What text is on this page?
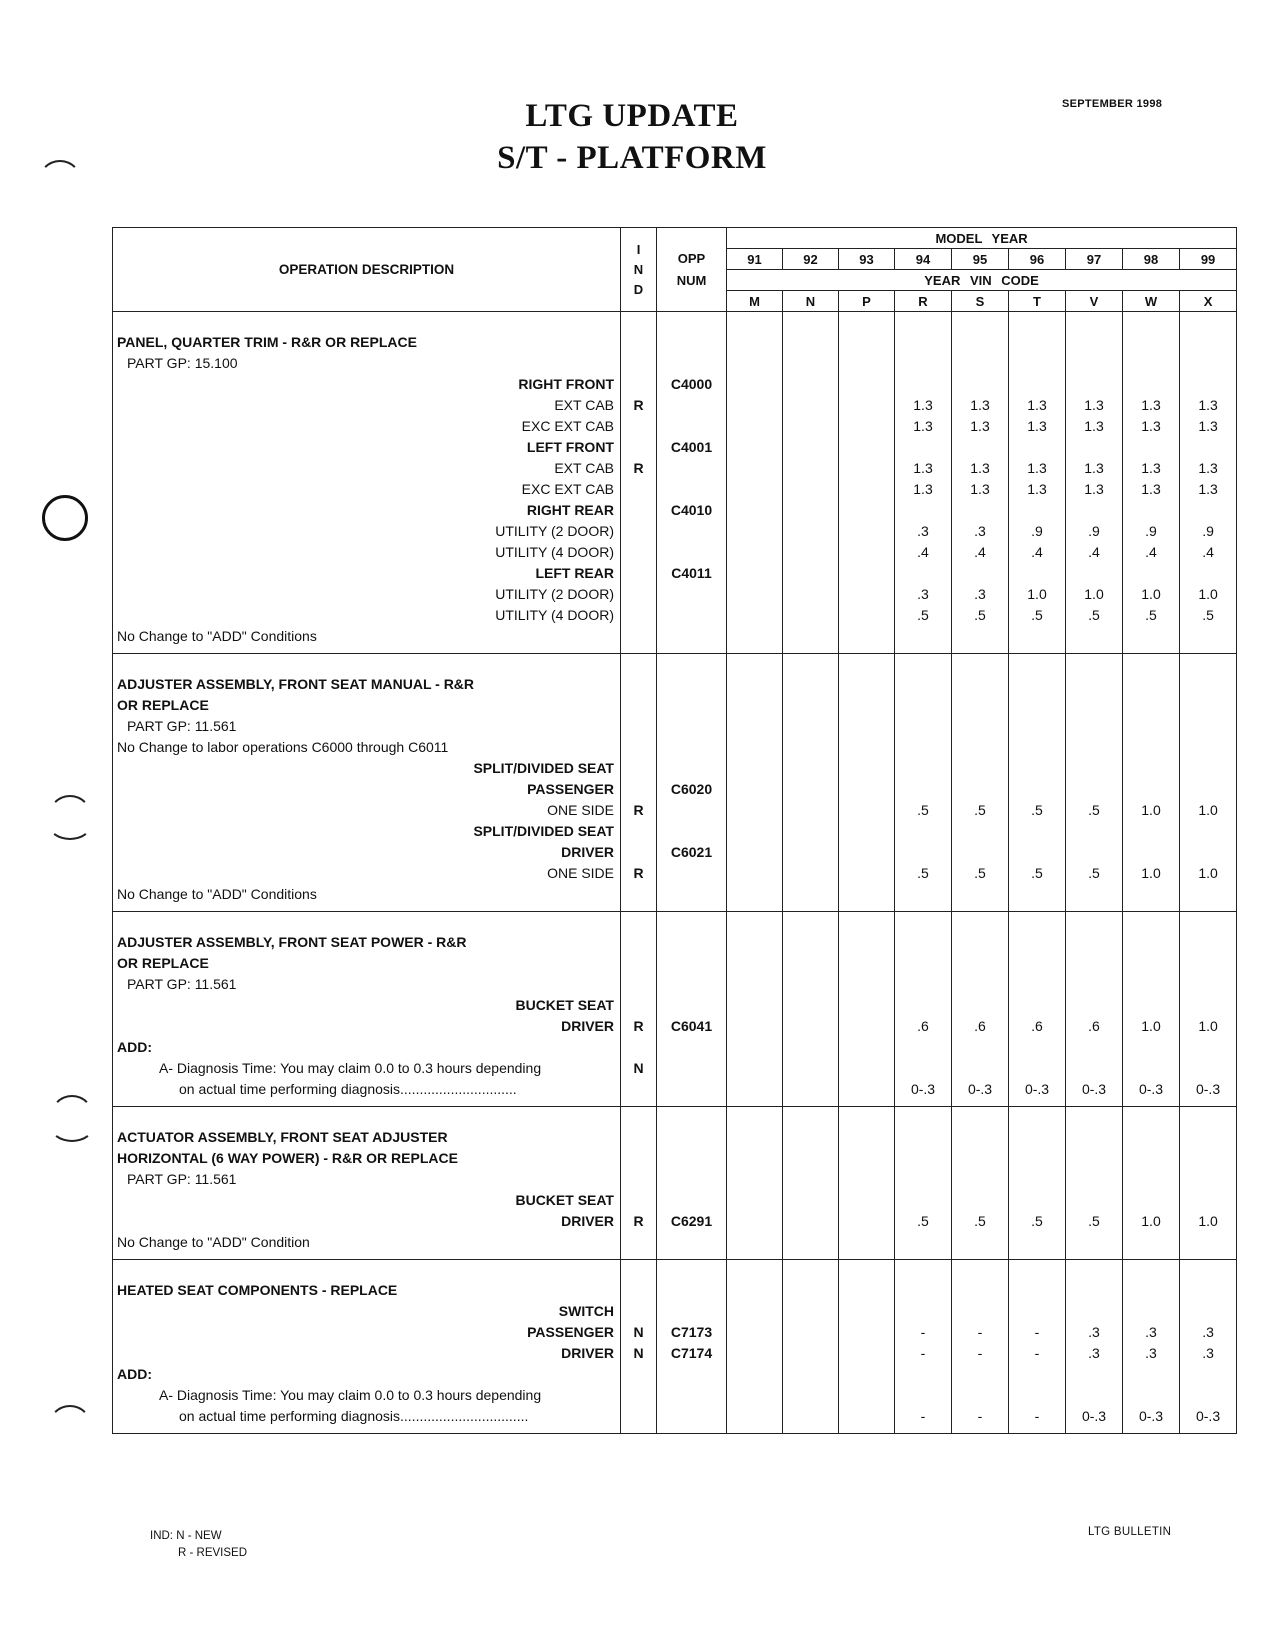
LTG UPDATE
S/T - PLATFORM
SEPTEMBER 1998
OPERATION DESCRIPTION	I
N
D	OPP
NUM	MODEL YEAR								
			91	92	93	94	95	96	97	98	99
			YEAR VIN CODE								
			M	N	P	R	S	T	V	W	X
PANEL, QUARTER TRIM - R&R OR REPLACE											
PART GP: 15.100											
RIGHT FRONT		C4000									
EXT CAB	R					1.3	1.3	1.3	1.3	1.3	1.3
EXC EXT CAB						1.3	1.3	1.3	1.3	1.3	1.3
LEFT FRONT		C4001									
EXT CAB	R					1.3	1.3	1.3	1.3	1.3	1.3
EXC EXT CAB						1.3	1.3	1.3	1.3	1.3	1.3
RIGHT REAR		C4010									
UTILITY (2 DOOR)						.3	.3	.9	.9	.9	.9
UTILITY (4 DOOR)						.4	.4	.4	.4	.4	.4
LEFT REAR		C4011									
UTILITY (2 DOOR)						.3	.3	1.0	1.0	1.0	1.0
UTILITY (4 DOOR)						.5	.5	.5	.5	.5	.5
No Change to "ADD" Conditions											
ADJUSTER ASSEMBLY, FRONT SEAT MANUAL - R&R											
OR REPLACE											
PART GP: 11.561											
No Change to labor operations C6000 through C6011											
SPLIT/DIVIDED SEAT											
PASSENGER		C6020									
ONE SIDE	R					.5	.5	.5	.5	1.0	1.0
SPLIT/DIVIDED SEAT											
DRIVER		C6021									
ONE SIDE	R					.5	.5	.5	.5	1.0	1.0
No Change to "ADD" Conditions											
ADJUSTER ASSEMBLY, FRONT SEAT POWER - R&R											
OR REPLACE											
PART GP: 11.561											
BUCKET SEAT											
DRIVER	R	C6041				.6	.6	.6	.6	1.0	1.0
ADD:											
A- Diagnosis Time: You may claim 0.0 to 0.3 hours depending	N										
on actual time performing diagnosis..............................						0-.3	0-.3	0-.3	0-.3	0-.3	0-.3
ACTUATOR ASSEMBLY, FRONT SEAT ADJUSTER											
HORIZONTAL (6 WAY POWER) - R&R OR REPLACE											
PART GP: 11.561											
BUCKET SEAT											
DRIVER	R	C6291				.5	.5	.5	.5	1.0	1.0
No Change to "ADD" Condition											
HEATED SEAT COMPONENTS - REPLACE											
SWITCH											
PASSENGER	N	C7173				-	-	-	.3	.3	.3
DRIVER	N	C7174				-	-	-	.3	.3	.3
ADD:											
A- Diagnosis Time: You may claim 0.0 to 0.3 hours depending											
on actual time performing diagnosis.................................						-	-	-	0-.3	0-.3	0-.3
IND: N - NEW
R - REVISED
LTG BULLETIN
